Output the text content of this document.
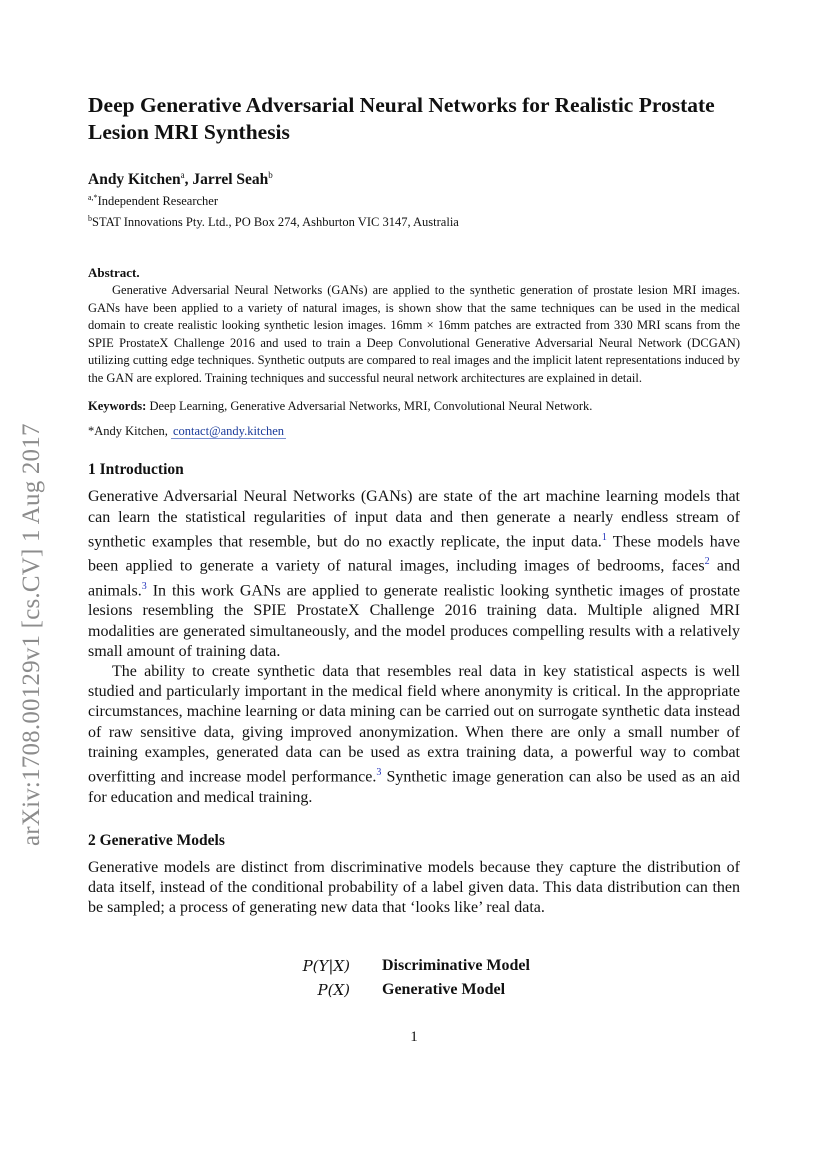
arXiv:1708.00129v1 [cs.CV] 1 Aug 2017
Deep Generative Adversarial Neural Networks for Realistic Prostate Lesion MRI Synthesis
Andy Kitchen$^a$, Jarrel Seah$^b$
$^{a,*}$Independent Researcher
$^b$STAT Innovations Pty. Ltd., PO Box 274, Ashburton VIC 3147, Australia
Abstract.

Generative Adversarial Neural Networks (GANs) are applied to the synthetic generation of prostate lesion MRI images. GANs have been applied to a variety of natural images, is shown show that the same techniques can be used in the medical domain to create realistic looking synthetic lesion images. 16mm × 16mm patches are extracted from 330 MRI scans from the SPIE ProstateX Challenge 2016 and used to train a Deep Convolutional Generative Adversarial Neural Network (DCGAN) utilizing cutting edge techniques. Synthetic outputs are compared to real images and the implicit latent representations induced by the GAN are explored. Training techniques and successful neural network architectures are explained in detail.

Keywords: Deep Learning, Generative Adversarial Networks, MRI, Convolutional Neural Network.
*Andy Kitchen, contact@andy.kitchen
1 Introduction

Generative Adversarial Neural Networks (GANs) are state of the art machine learning models that can learn the statistical regularities of input data and then generate a nearly endless stream of synthetic examples that resemble, but do no exactly replicate, the input data.$^1$ These models have been applied to generate a variety of natural images, including images of bedrooms, faces$^2$ and animals.$^3$ In this work GANs are applied to generate realistic looking synthetic images of prostate lesions resembling the SPIE ProstateX Challenge 2016 training data. Multiple aligned MRI modalities are generated simultaneously, and the model produces compelling results with a relatively small amount of training data.

The ability to create synthetic data that resembles real data in key statistical aspects is well studied and particularly important in the medical field where anonymity is critical. In the appropriate circumstances, machine learning or data mining can be carried out on surrogate synthetic data instead of raw sensitive data, giving improved anonymization. When there are only a small number of training examples, generated data can be used as extra training data, a powerful way to combat overfitting and increase model performance.$^3$ Synthetic image generation can also be used as an aid for education and medical training.

2 Generative Models

Generative models are distinct from discriminative models because they capture the distribution of data itself, instead of the conditional probability of a label given data. This data distribution can then be sampled; a process of generating new data that ‘looks like’ real data.

P(Y|X) Discriminative Model
P(X) Generative Model
1
